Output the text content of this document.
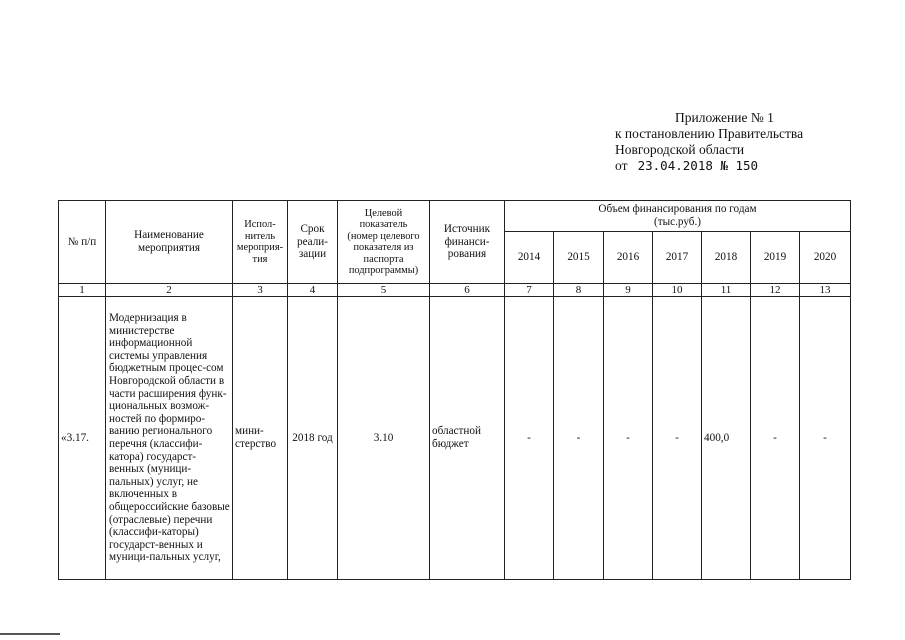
Приложение № 1
к постановлению Правительства
Новгородской области
от 23.04.2018 № 150
№ п/п	Наименование мероприятия	Испол-нитель мероприя-тия	Срок реали-зации	Целевой показатель
(номер целевого показателя из паспорта подпрограммы)	Источник финанси-рования	Объем финансирования по годам
(тыс.руб.)						
						2014	2015	2016	2017	2018	2019	2020
1	2	3	4	5	6	7	8	9	10	11	12	13
«3.17.	Модернизация в министерстве информационной системы управления бюджетным процес-сом Новгородской области в части расширения функ-циональных возмож-ностей по формиро-ванию регионального перечня (классифи-катора) государст-венных (муници-пальных) услуг, не включенных в общероссийские базовые (отраслевые) перечни (классифи-каторы) государст-венных и муници-пальных услуг,	мини-стерство	2018 год	3.10	областной бюджет	-	-	-	-	400,0	-	-
